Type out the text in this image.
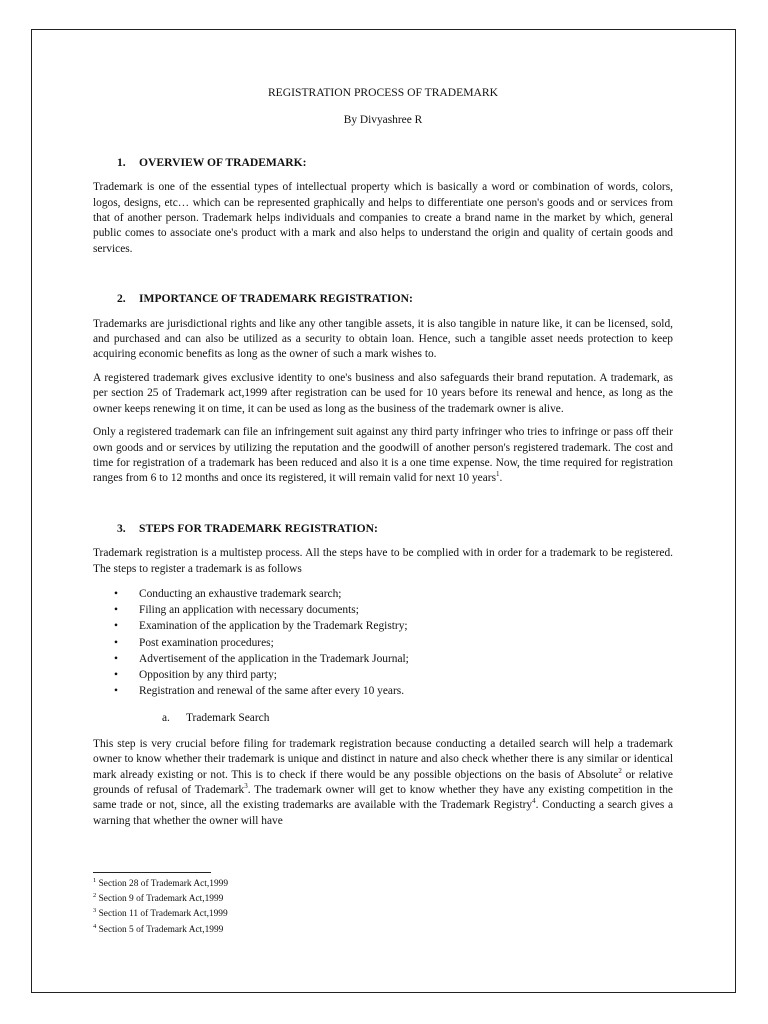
REGISTRATION PROCESS OF TRADEMARK

By Divyashree R

1. OVERVIEW OF TRADEMARK:

Trademark is one of the essential types of intellectual property which is basically a word or combination of words, colors, logos, designs, etc… which can be represented graphically and helps to differentiate one person's goods and or services from that of another person. Trademark helps individuals and companies to create a brand name in the market by which, general public comes to associate one's product with a mark and also helps to understand the origin and quality of certain goods and services.

2. IMPORTANCE OF TRADEMARK REGISTRATION:

Trademarks are jurisdictional rights and like any other tangible assets, it is also tangible in nature like, it can be licensed, sold, and purchased and can also be utilized as a security to obtain loan. Hence, such a tangible asset needs protection to keep acquiring economic benefits as long as the owner of such a mark wishes to.

A registered trademark gives exclusive identity to one's business and also safeguards their brand reputation. A trademark, as per section 25 of Trademark act,1999 after registration can be used for 10 years before its renewal and hence, as long as the owner keeps renewing it on time, it can be used as long as the business of the trademark owner is alive.

Only a registered trademark can file an infringement suit against any third party infringer who tries to infringe or pass off their own goods and or services by utilizing the reputation and the goodwill of another person's registered trademark. The cost and time for registration of a trademark has been reduced and also it is a one time expense. Now, the time required for registration ranges from 6 to 12 months and once its registered, it will remain valid for next 10 years$^1$.

3. STEPS FOR TRADEMARK REGISTRATION:

Trademark registration is a multistep process. All the steps have to be complied with in order for a trademark to be registered. The steps to register a trademark is as follows

• Conducting an exhaustive trademark search;
• Filing an application with necessary documents;
• Examination of the application by the Trademark Registry;
• Post examination procedures;
• Advertisement of the application in the Trademark Journal;
• Opposition by any third party;
• Registration and renewal of the same after every 10 years.
a. Trademark Search

This step is very crucial before filing for trademark registration because conducting a detailed search will help a trademark owner to know whether their trademark is unique and distinct in nature and also check whether there is any similar or identical mark already existing or not. This is to check if there would be any possible objections on the basis of Absolute$^2$ or relative grounds of refusal of Trademark$^3$. The trademark owner will get to know whether they have any existing competition in the same trade or not, since, all the existing trademarks are available with the Trademark Registry$^4$. Conducting a search gives a warning that whether the owner will have

$^1$ Section 28 of Trademark Act,1999
$^2$ Section 9 of Trademark Act,1999
$^3$ Section 11 of Trademark Act,1999
$^4$ Section 5 of Trademark Act,1999
